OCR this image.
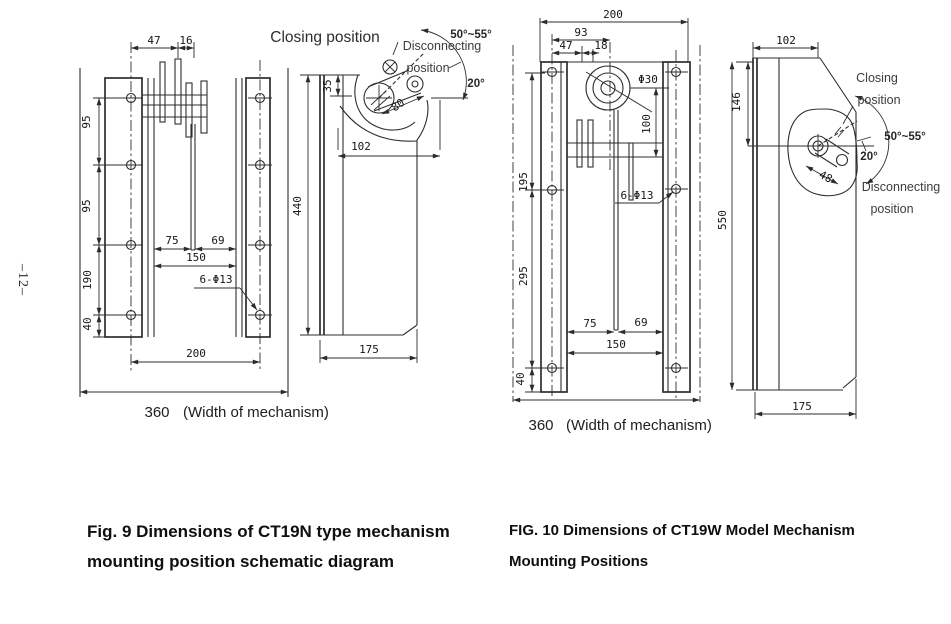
47 16
95
95
190
40
75	69
150
6-Φ13
200
360 (Width of mechanism)
440
35
102
80
175
Closing position Disconnecting
position
50°~55°
20°
200
93
47 18
Φ30
195
100
295
40
6-Φ13
75	69
150
360 (Width of mechanism)
102
146
550
48
175
Closing
position
50°~55°
20°
Disconnecting
position
Fig. 9 Dimensions of CT19N type mechanism
mounting position schematic diagram
FIG. 10 Dimensions of CT19W Model Mechanism
Mounting Positions
–12–
